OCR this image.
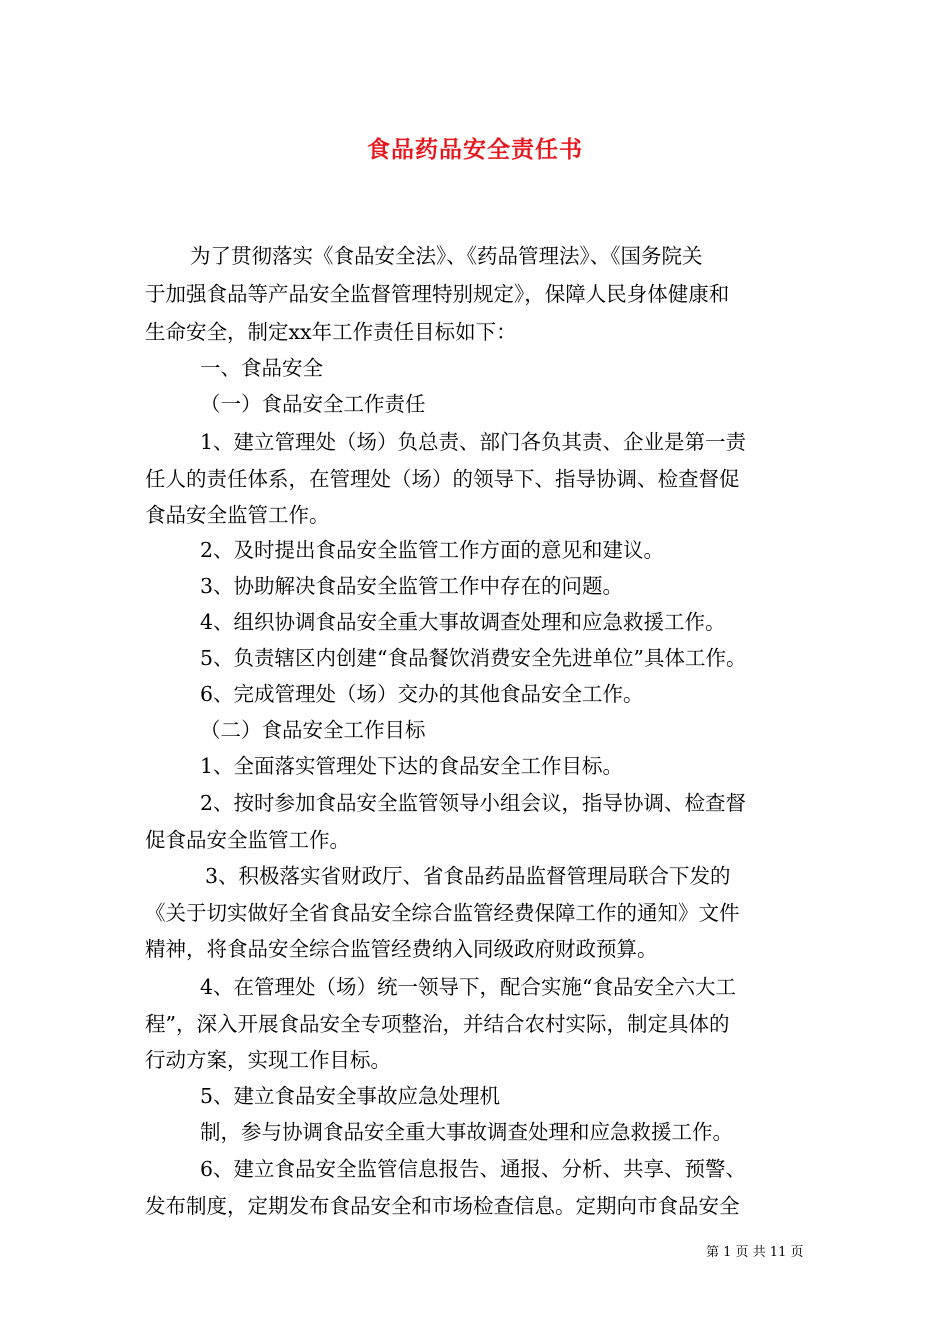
食品药品安全责任书
为了贯彻落实《食品安全法》、《药品管理法》、《国务院关
于加强食品等产品安全监督管理特别规定》，保障人民身体健康和
生命安全，制定xx年工作责任目标如下：
一、食品安全
（一）食品安全工作责任
1、建立管理处（场）负总责、部门各负其责、企业是第一责
任人的责任体系，在管理处（场）的领导下、指导协调、检查督促
食品安全监管工作。
2、及时提出食品安全监管工作方面的意见和建议。
3、协助解决食品安全监管工作中存在的问题。
4、组织协调食品安全重大事故调查处理和应急救援工作。
5、负责辖区内创建“食品餐饮消费安全先进单位”具体工作。
6、完成管理处（场）交办的其他食品安全工作。
（二）食品安全工作目标
1、全面落实管理处下达的食品安全工作目标。
2、按时参加食品安全监管领导小组会议，指导协调、检查督
促食品安全监管工作。
3、积极落实省财政厅、省食品药品监督管理局联合下发的
《关于切实做好全省食品安全综合监管经费保障工作的通知》文件
精神，将食品安全综合监管经费纳入同级政府财政预算。
4、在管理处（场）统一领导下，配合实施“食品安全六大工
程”，深入开展食品安全专项整治，并结合农村实际，制定具体的
行动方案，实现工作目标。
5、建立食品安全事故应急处理机
制，参与协调食品安全重大事故调查处理和应急救援工作。
6、建立食品安全监管信息报告、通报、分析、共享、预警、
发布制度，定期发布食品安全和市场检查信息。定期向市食品安全
第 1 页 共 11 页
